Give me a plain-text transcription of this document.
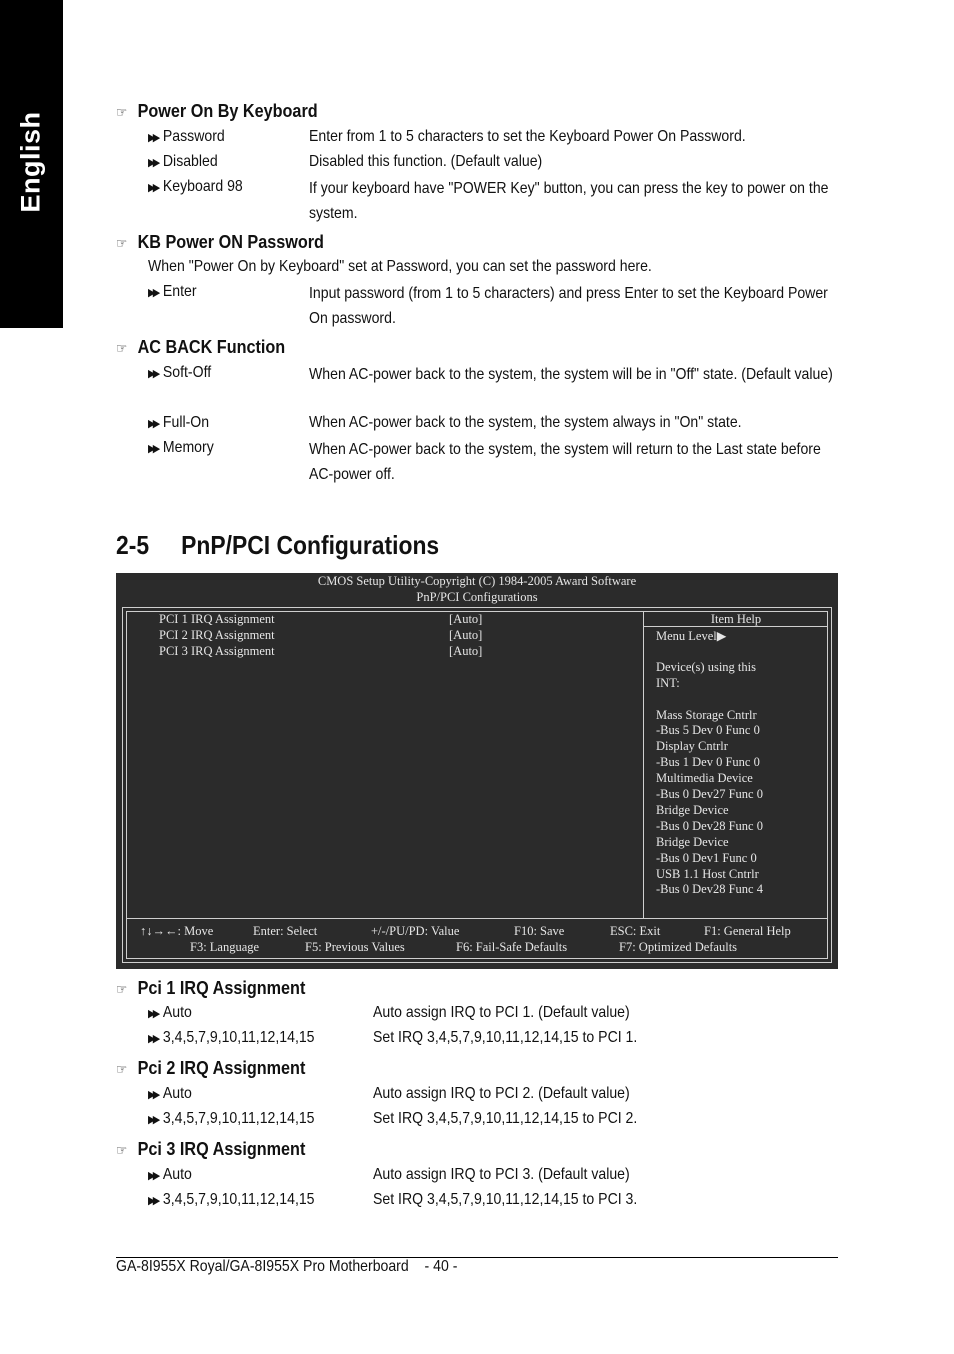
English	☞ Power On By Keyboard
▶▶ Password	Enter from 1 to 5 characters to set the Keyboard Power On Password.
▶▶ Disabled	Disabled this function. (Default value)
▶▶ Keyboard 98	If your keyboard have "POWER Key" button, you can press the key to power on the system.
☞ KB Power ON Password
When "Power On by Keyboard" set at Password, you can set the password here.
▶▶ Enter	Input password (from 1 to 5 characters) and press Enter to set the Keyboard Power On password.
☞ AC BACK Function
▶▶ Soft-Off	When AC-power back to the system, the system will be in "Off" state. (Default value)
▶▶ Full-On	When AC-power back to the system, the system always in "On" state.
▶▶ Memory	When AC-power back to the system, the system will return to the Last state before AC-power off.
2-5 PnP/PCI Configurations
CMOS Setup Utility-Copyright (C) 1984-2005 Award Software
PnP/PCI Configurations
PCI 1 IRQ Assignment	[Auto]
PCI 2 IRQ Assignment	[Auto]
PCI 3 IRQ Assignment	[Auto]
Item Help
↑↓→←: Move	Enter: Select	+/-/PU/PD: Value	F10: Save	ESC: Exit	F1: General Help
F3: Language	F5: Previous Values	F6: Fail-Safe Defaults	F7: Optimized Defaults
Menu Level▶
Device(s) using this
INT:
Mass Storage Cntrlr
-Bus 5 Dev 0 Func 0
Display Cntrlr
-Bus 1 Dev 0 Func 0
Multimedia Device
-Bus 0 Dev27 Func 0
Bridge Device
-Bus 0 Dev28 Func 0
Bridge Device
-Bus 0 Dev1 Func 0
USB 1.1 Host Cntrlr
-Bus 0 Dev28 Func 4
☞ Pci 1 IRQ Assignment
▶▶ Auto	Auto assign IRQ to PCI 1. (Default value)
▶▶ 3,4,5,7,9,10,11,12,14,15	Set IRQ 3,4,5,7,9,10,11,12,14,15 to PCI 1.
☞ Pci 2 IRQ Assignment
▶▶ Auto	Auto assign IRQ to PCI 2. (Default value)
▶▶ 3,4,5,7,9,10,11,12,14,15	Set IRQ 3,4,5,7,9,10,11,12,14,15 to PCI 2.
☞ Pci 3 IRQ Assignment
▶▶ Auto	Auto assign IRQ to PCI 3. (Default value)
▶▶ 3,4,5,7,9,10,11,12,14,15	Set IRQ 3,4,5,7,9,10,11,12,14,15 to PCI 3.
GA-8I955X Royal/GA-8I955X Pro Motherboard - 40 -
